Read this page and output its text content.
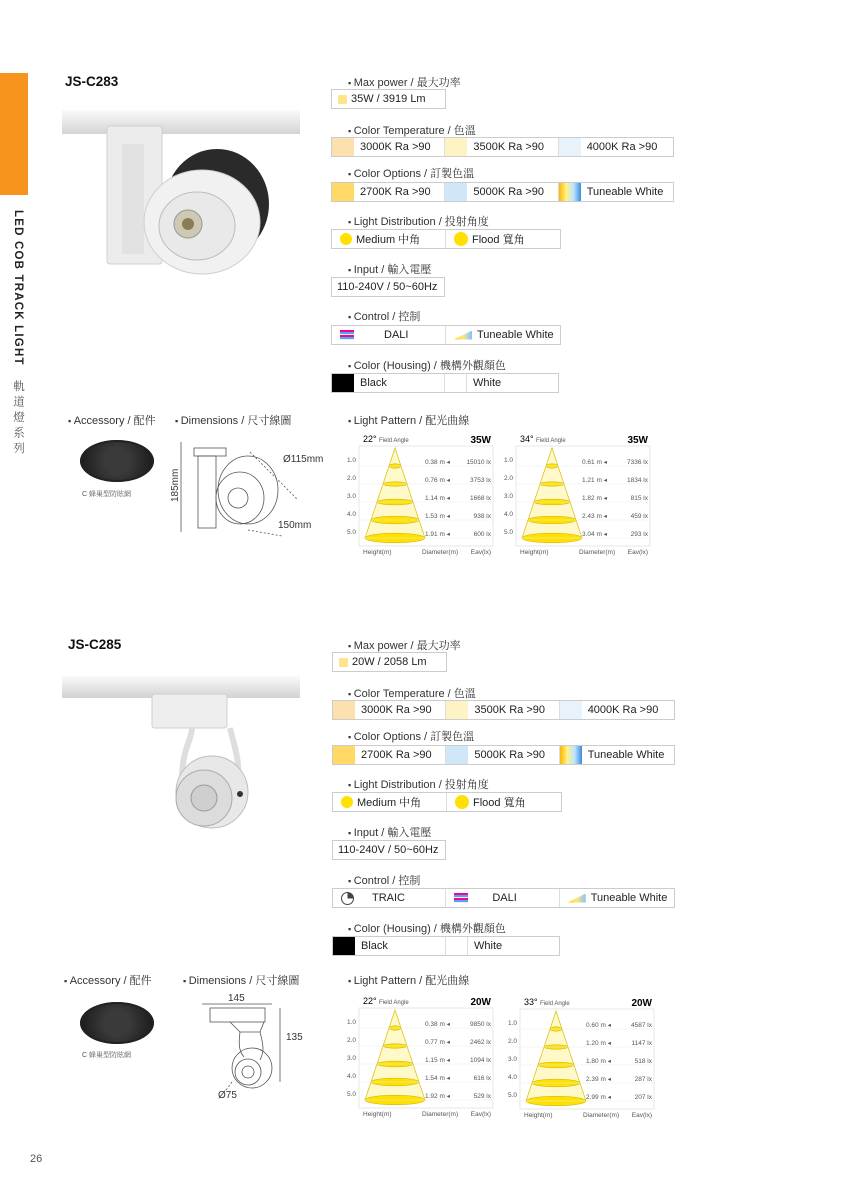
LED COB TRACK LIGHT 軌道燈系列
JS-C283	▪ Max power / 最大功率
35W / 3919 Lm
▪ Color Temperature / 色溫
3000K Ra >90	3500K Ra >90	4000K Ra >90
▪ Color Options / 訂製色溫
2700K Ra >90	5000K Ra >90	Tuneable White
▪ Light Distribution / 投射角度
Medium 中角	Flood 寬角
▪ Input / 輸入電壓
110-240V / 50~60Hz
▪ Control / 控制
DALI	Tuneable White
▪ Color (Housing) / 機構外觀顏色
Black	White
▪ Accessory / 配件
C 蜂巢型防眩網
▪ Dimensions / 尺寸線圖
Ø115mm
185mm
150mm
▪ Light Pattern / 配光曲線
22° Field Angle	35W
1.0	0.38 m ◂	15010 lx
2.0	0.76 m ◂	3753 lx
3.0	1.14 m ◂	1668 lx
4.0	1.53 m ◂	938 lx
5.0	1.91 m ◂	600 lx
Height(m)	Diameter(m) Eav(lx)
34° Field Angle	35W
1.0	0.61 m ◂	7336 lx
2.0	1.21 m ◂	1834 lx
3.0	1.82 m ◂	815 lx
4.0	2.43 m ◂	459 lx
5.0	3.04 m ◂	293 lx
Height(m)	Diameter(m) Eav(lx)
JS-C285	▪ Max power / 最大功率
20W / 2058 Lm
▪ Color Temperature / 色溫
3000K Ra >90	3500K Ra >90	4000K Ra >90
▪ Color Options / 訂製色溫
2700K Ra >90	5000K Ra >90	Tuneable White
▪ Light Distribution / 投射角度
Medium 中角	Flood 寬角
▪ Input / 輸入電壓
110-240V / 50~60Hz
▪ Control / 控制
TRAIC	DALI	Tuneable White
▪ Color (Housing) / 機構外觀顏色
Black	White
▪ Accessory / 配件
C 蜂巢型防眩網
▪ Dimensions / 尺寸線圖
145
135
Ø75
▪ Light Pattern / 配光曲線
22° Field Angle	20W
1.0	0.38 m ◂	9850 lx
2.0	0.77 m ◂	2462 lx
3.0	1.15 m ◂	1094 lx
4.0	1.54 m ◂	616 lx
5.0	1.92 m ◂	529 lx
Height(m)	Diameter(m) Eav(lx)
33° Field Angle	20W
1.0	0.60 m ◂	4587 lx
2.0	1.20 m ◂	1147 lx
3.0	1.80 m ◂	518 lx
4.0	2.39 m ◂	287 lx
5.0	2.99 m ◂	207 lx
Height(m)	Diameter(m) Eav(lx)
26
